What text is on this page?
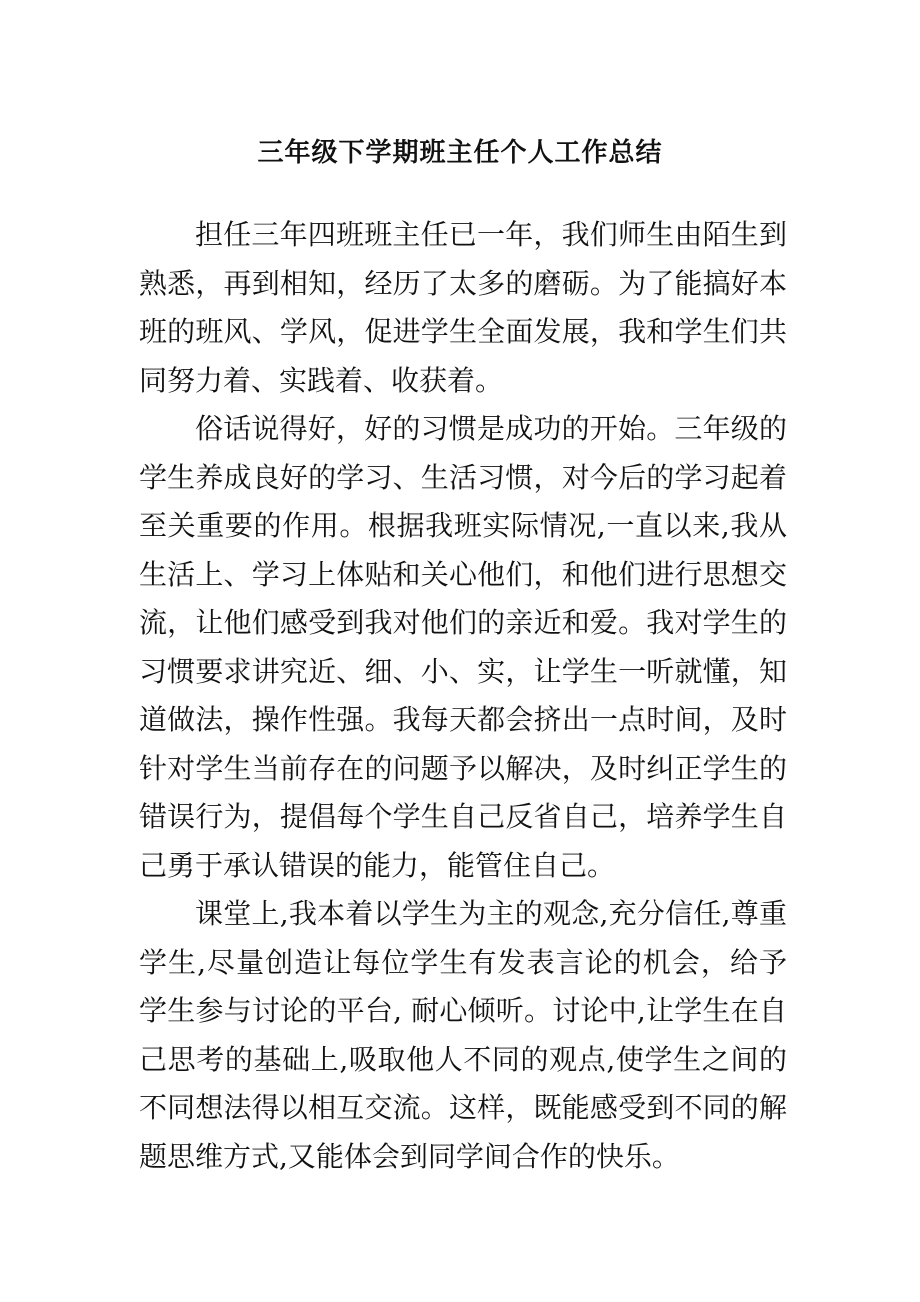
三年级下学期班主任个人工作总结

担任三年四班班主任已一年，我们师生由陌生到熟悉，再到相知，经历了太多的磨砺。为了能搞好本班的班风、学风，促进学生全面发展，我和学生们共同努力着、实践着、收获着。

俗话说得好，好的习惯是成功的开始。三年级的学生养成良好的学习、生活习惯，对今后的学习起着至关重要的作用。根据我班实际情况,一直以来,我从生活上、学习上体贴和关心他们，和他们进行思想交流，让他们感受到我对他们的亲近和爱。我对学生的习惯要求讲究近、细、小、实，让学生一听就懂，知道做法，操作性强。我每天都会挤出一点时间，及时针对学生当前存在的问题予以解决，及时纠正学生的错误行为，提倡每个学生自己反省自己，培养学生自己勇于承认错误的能力，能管住自己。

课堂上,我本着以学生为主的观念,充分信任,尊重学生,尽量创造让每位学生有发表言论的机会，给予学生参与讨论的平台, 耐心倾听。讨论中,让学生在自己思考的基础上,吸取他人不同的观点,使学生之间的不同想法得以相互交流。这样，既能感受到不同的解题思维方式,又能体会到同学间合作的快乐。
